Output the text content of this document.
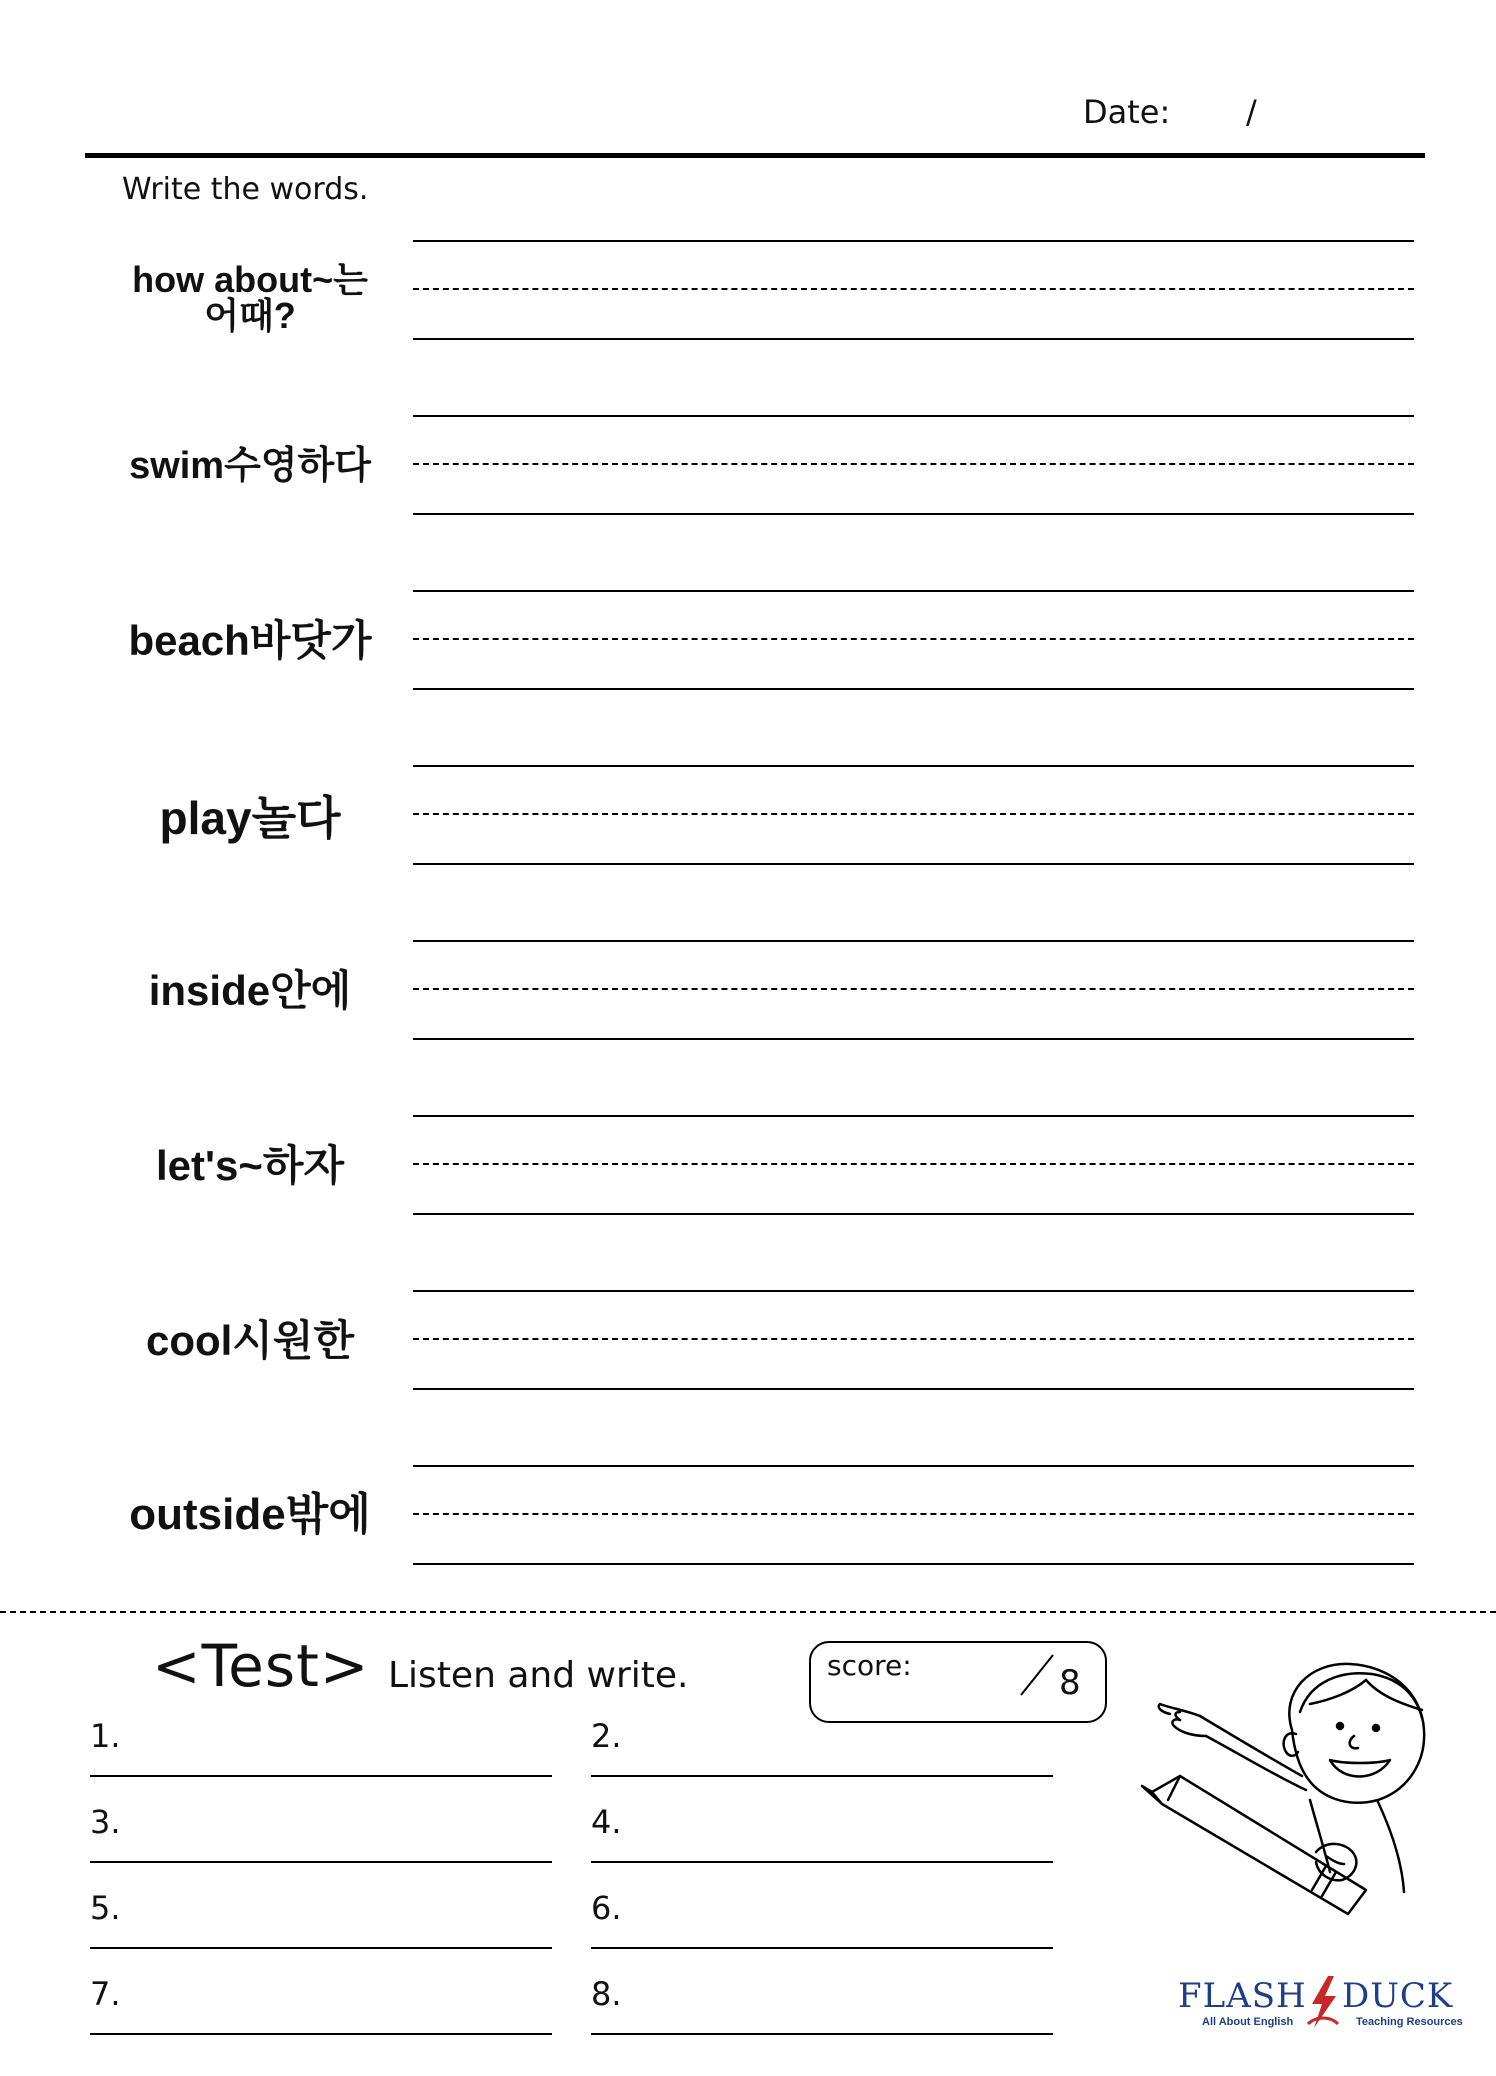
Date: /
Write the words.
how about~는
어때?
swim수영하다
beach바닷가
play놀다
inside안에
let's~하자
cool시원한
outside밖에
<Test> Listen and write.	score:	8
1.	2.
3.	4.
5.	6.
7.	8.	FLASH DUCK
All About English	Teaching Resources
